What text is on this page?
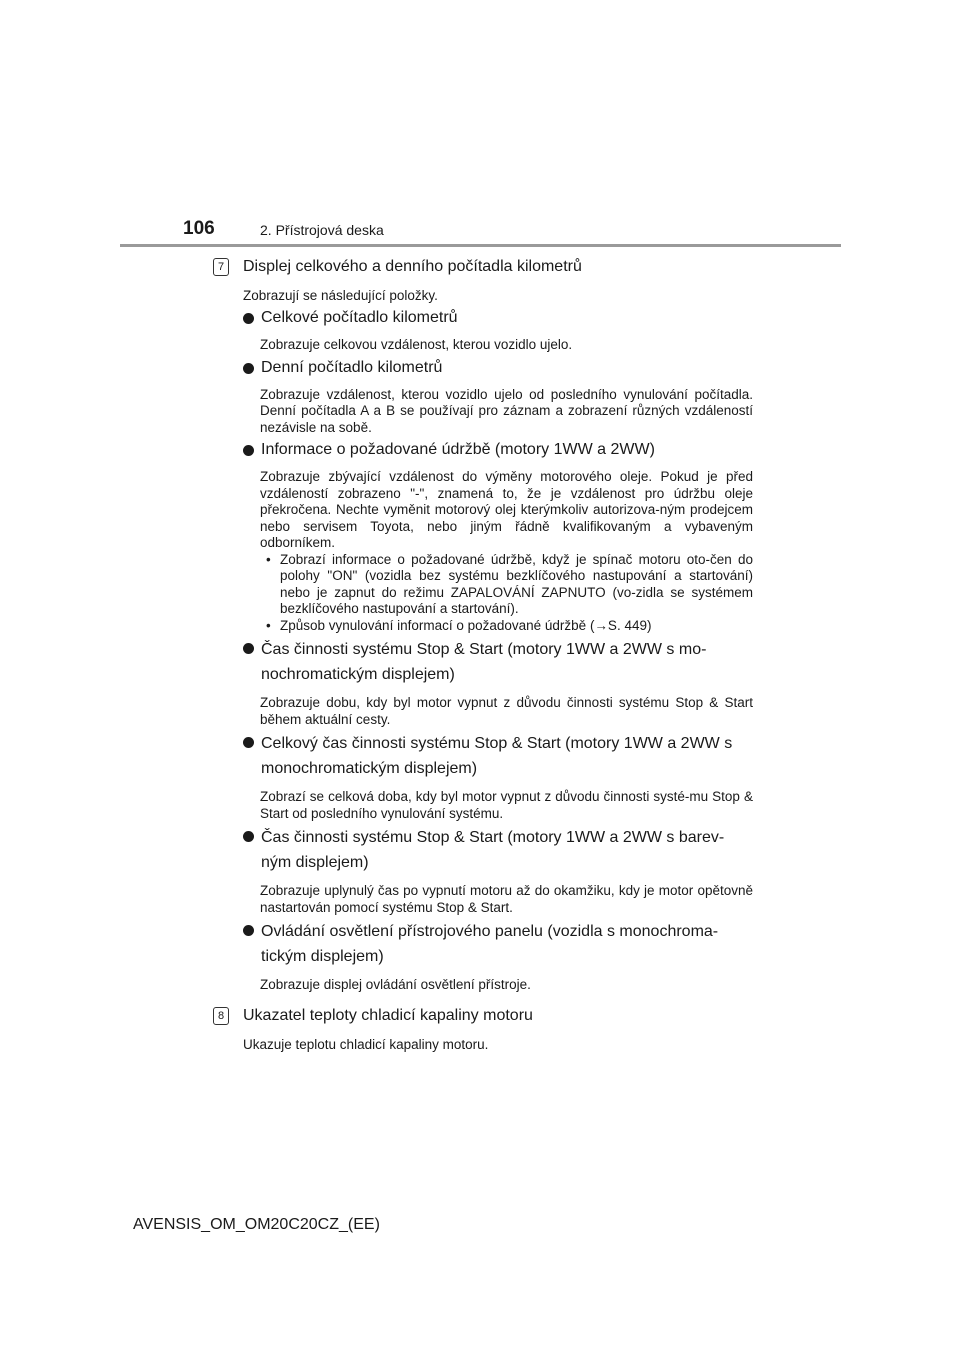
106	2. Přístrojová deska
7	Displej celkového a denního počítadla kilometrů
Zobrazují se následující položky.
Celkové počítadlo kilometrů
Zobrazuje celkovou vzdálenost, kterou vozidlo ujelo.
Denní počítadlo kilometrů
Zobrazuje vzdálenost, kterou vozidlo ujelo od posledního vynulování počítadla. Denní počítadla A a B se používají pro záznam a zobrazení různých vzdáleností nezávisle na sobě.
Informace o požadované údržbě (motory 1WW a 2WW)
Zobrazuje zbývající vzdálenost do výměny motorového oleje. Pokud je před vzdáleností zobrazeno "-", znamená to, že je vzdálenost pro údržbu oleje překročena. Nechte vyměnit motorový olej kterýmkoliv autorizova-ným prodejcem nebo servisem Toyota, nebo jiným řádně kvalifikovaným a vybaveným odborníkem.
• Zobrazí informace o požadované údržbě, když je spínač motoru oto-čen do polohy "ON" (vozidla bez systému bezklíčového nastupování a startování) nebo je zapnut do režimu ZAPALOVÁNÍ ZAPNUTO (vo-zidla se systémem bezklíčového nastupování a startování).
• Způsob vynulování informací o požadované údržbě (→S. 449)
Čas činnosti systému Stop & Start (motory 1WW a 2WW s mo-nochromatickým displejem)
Zobrazuje dobu, kdy byl motor vypnut z důvodu činnosti systému Stop & Start během aktuální cesty.
Celkový čas činnosti systému Stop & Start (motory 1WW a 2WW s monochromatickým displejem)
Zobrazí se celková doba, kdy byl motor vypnut z důvodu činnosti systé-mu Stop & Start od posledního vynulování systému.
Čas činnosti systému Stop & Start (motory 1WW a 2WW s barev-ným displejem)
Zobrazuje uplynulý čas po vypnutí motoru až do okamžiku, kdy je motor opětovně nastartován pomocí systému Stop & Start.
Ovládání osvětlení přístrojového panelu (vozidla s monochroma-tickým displejem)
Zobrazuje displej ovládání osvětlení přístroje.
8	Ukazatel teploty chladicí kapaliny motoru
Ukazuje teplotu chladicí kapaliny motoru.
AVENSIS_OM_OM20C20CZ_(EE)
